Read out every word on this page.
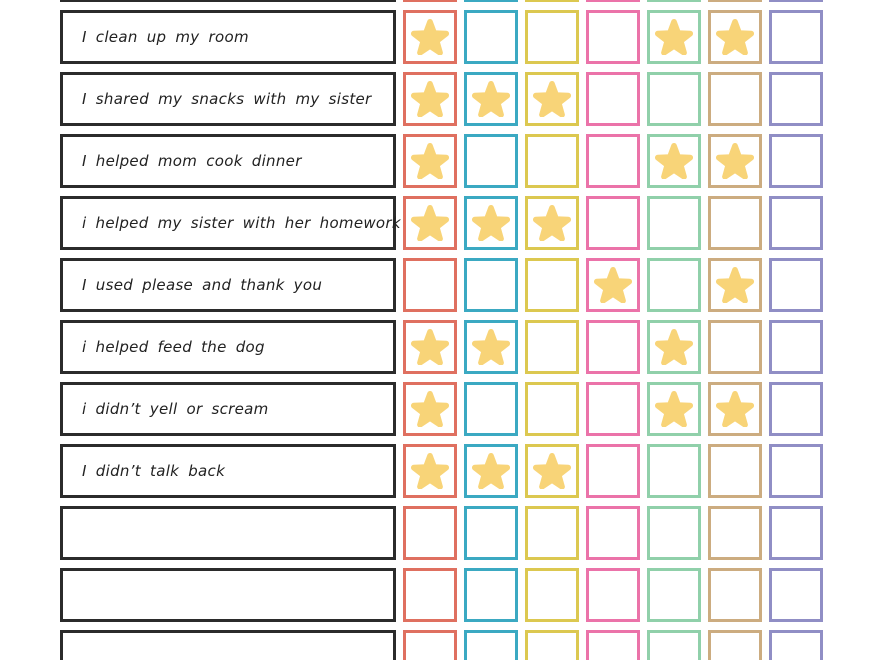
I clean up my room
I shared my snacks with my sister
I helped mom cook dinner
i helped my sister with her homework
I used please and thank you
i helped feed the dog
i didn’t yell or scream
I didn’t talk back
